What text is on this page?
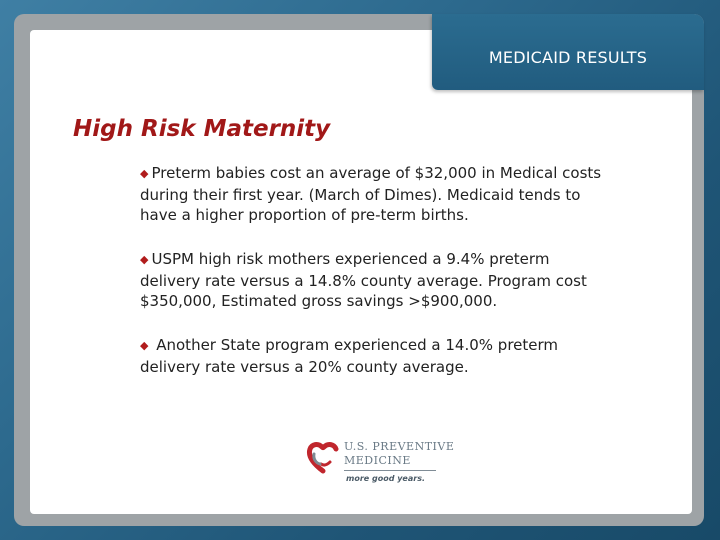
MEDICAID RESULTS
High Risk Maternity

◆ Preterm babies cost an average of $32,000 in Medical costs during their first year. (March of Dimes). Medicaid tends to have a higher proportion of pre-term births.

◆ USPM high risk mothers experienced a 9.4% preterm delivery rate versus a 14.8% county average. Program cost $350,000, Estimated gross savings >$900,000.

◆ Another State program experienced a 14.0% preterm delivery rate versus a 20% county average.

U.S. PREVENTIVE
MEDICINE
more good years.
